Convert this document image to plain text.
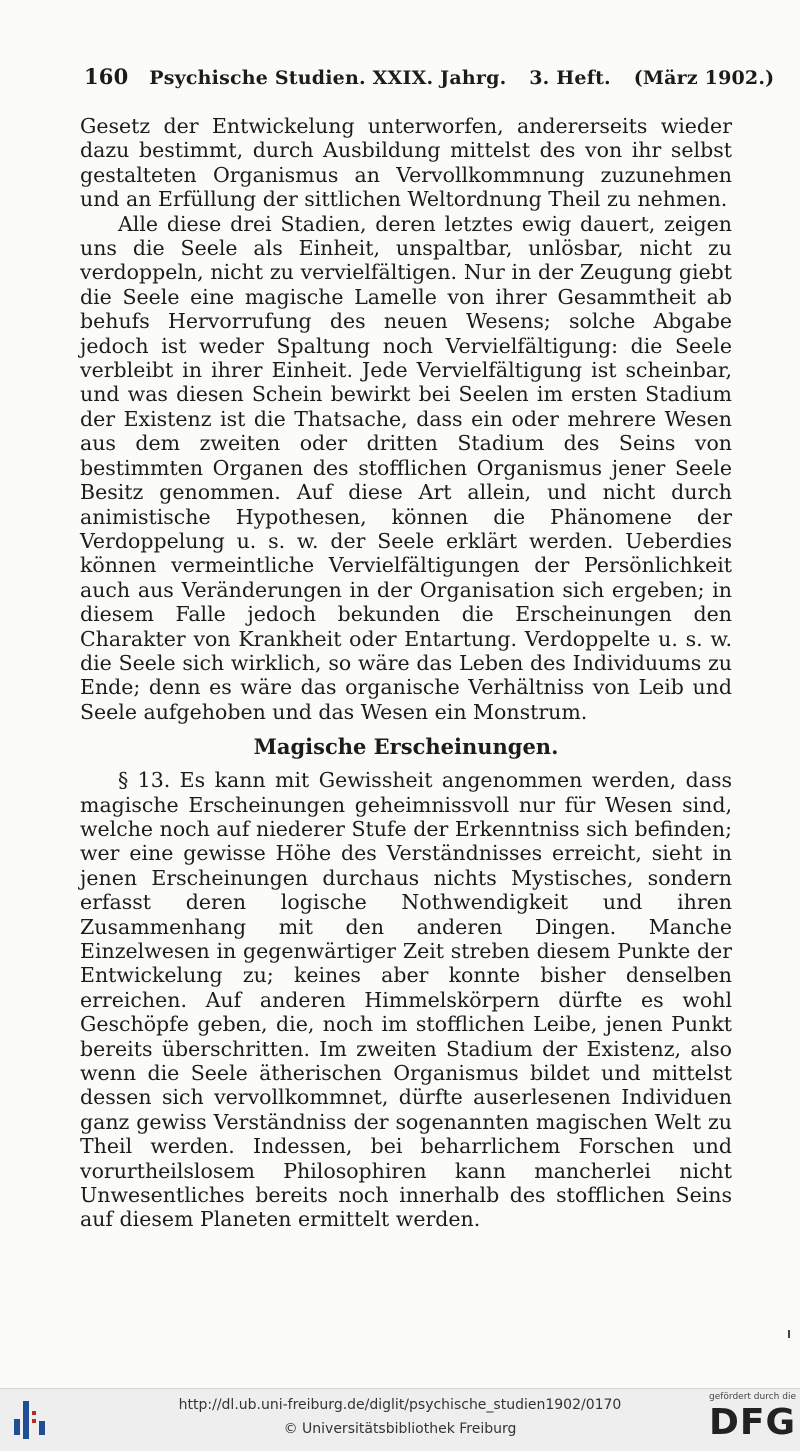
160 Psychische Studien. XXIX. Jahrg. 3. Heft. (März 1902.)

Gesetz der Entwickelung unterworfen, andererseits wieder dazu bestimmt, durch Ausbildung mittelst des von ihr selbst gestalteten Organismus an Vervollkommnung zuzunehmen und an Erfüllung der sittlichen Weltordnung Theil zu nehmen.

Alle diese drei Stadien, deren letztes ewig dauert, zeigen uns die Seele als Einheit, unspaltbar, unlösbar, nicht zu verdoppeln, nicht zu vervielfältigen. Nur in der Zeugung giebt die Seele eine magische Lamelle von ihrer Gesammtheit ab behufs Hervorrufung des neuen Wesens; solche Abgabe jedoch ist weder Spaltung noch Vervielfältigung: die Seele verbleibt in ihrer Einheit. Jede Vervielfältigung ist scheinbar, und was diesen Schein bewirkt bei Seelen im ersten Stadium der Existenz ist die Thatsache, dass ein oder mehrere Wesen aus dem zweiten oder dritten Stadium des Seins von bestimmten Organen des stofflichen Organismus jener Seele Besitz genommen. Auf diese Art allein, und nicht durch animistische Hypothesen, können die Phänomene der Verdoppelung u. s. w. der Seele erklärt werden. Ueberdies können vermeintliche Vervielfältigungen der Persönlichkeit auch aus Veränderungen in der Organisation sich ergeben; in diesem Falle jedoch bekunden die Erscheinungen den Charakter von Krankheit oder Entartung. Verdoppelte u. s. w. die Seele sich wirklich, so wäre das Leben des Individuums zu Ende; denn es wäre das organische Verhältniss von Leib und Seele aufgehoben und das Wesen ein Monstrum.

Magische Erscheinungen.

§ 13. Es kann mit Gewissheit angenommen werden, dass magische Erscheinungen geheimnissvoll nur für Wesen sind, welche noch auf niederer Stufe der Erkenntniss sich befinden; wer eine gewisse Höhe des Verständnisses erreicht, sieht in jenen Erscheinungen durchaus nichts Mystisches, sondern erfasst deren logische Nothwendigkeit und ihren Zusammenhang mit den anderen Dingen. Manche Einzelwesen in gegenwärtiger Zeit streben diesem Punkte der Entwickelung zu; keines aber konnte bisher denselben erreichen. Auf anderen Himmelskörpern dürfte es wohl Geschöpfe geben, die, noch im stofflichen Leibe, jenen Punkt bereits überschritten. Im zweiten Stadium der Existenz, also wenn die Seele ätherischen Organismus bildet und mittelst dessen sich vervollkommnet, dürfte auserlesenen Individuen ganz gewiss Verständniss der sogenannten magischen Welt zu Theil werden. Indessen, bei beharrlichem Forschen und vorurtheilslosem Philosophiren kann mancherlei nicht Unwesentliches bereits noch innerhalb des stofflichen Seins auf diesem Planeten ermittelt werden.

http://dl.ub.uni-freiburg.de/diglit/psychische_studien1902/0170
© Universitätsbibliothek Freiburg
gefördert durch die
DFG
